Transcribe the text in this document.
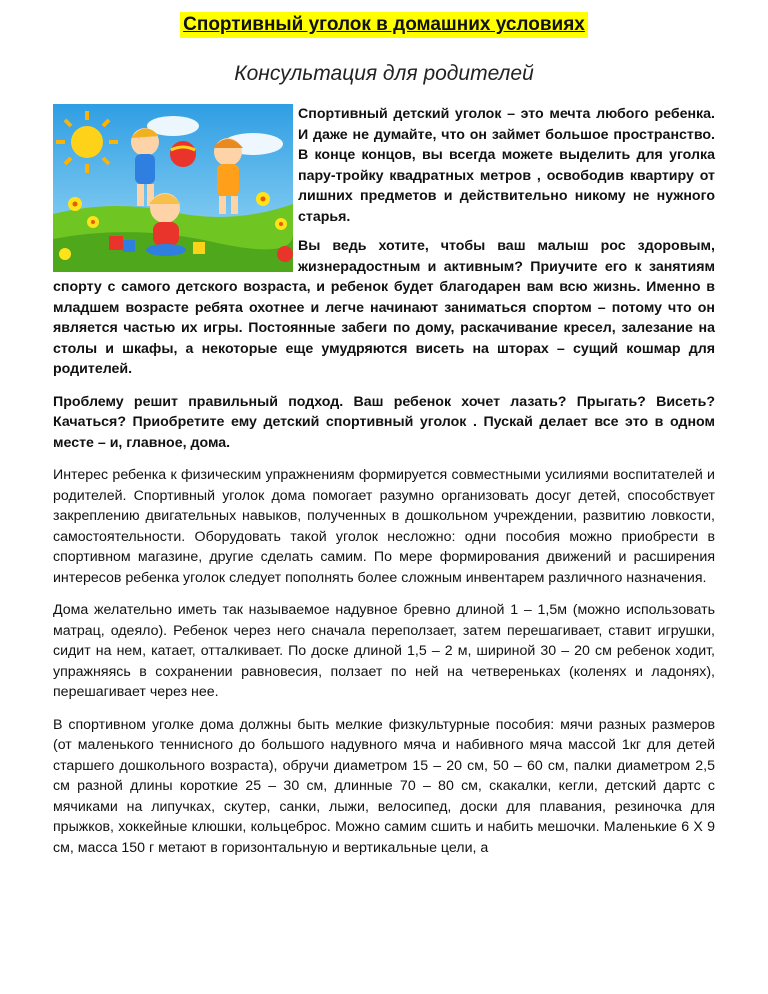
Спортивный уголок в домашних условиях
Консультация для родителей

Спортивный детский уголок – это мечта любого ребенка. И даже не думайте, что он займет большое пространство. В конце концов, вы всегда можете выделить для уголка пару-тройку квадратных метров , освободив квартиру от лишних предметов и действительно никому не нужного старья.

Вы ведь хотите, чтобы ваш малыш рос здоровым, жизнерадостным и активным? Приучите его к занятиям спорту с самого детского возраста, и ребенок будет благодарен вам всю жизнь. Именно в младшем возрасте ребята охотнее и легче начинают заниматься спортом – потому что он является частью их игры. Постоянные забеги по дому, раскачивание кресел, залезание на столы и шкафы, а некоторые еще умудряются висеть на шторах – сущий кошмар для родителей.

Проблему решит правильный подход. Ваш ребенок хочет лазать? Прыгать? Висеть? Качаться? Приобретите ему детский спортивный уголок . Пускай делает все это в одном месте – и, главное, дома.

Интерес ребенка к физическим упражнениям формируется совместными усилиями воспитателей и родителей. Спортивный уголок дома помогает разумно организовать досуг детей, способствует закреплению двигательных навыков, полученных в дошкольном учреждении, развитию ловкости, самостоятельности. Оборудовать такой уголок несложно: одни пособия можно приобрести в спортивном магазине, другие сделать самим. По мере формирования движений и расширения интересов ребенка уголок следует пополнять более сложным инвентарем различного назначения.

Дома желательно иметь так называемое надувное бревно длиной 1 – 1,5м (можно использовать матрац, одеяло). Ребенок через него сначала переползает, затем перешагивает, ставит игрушки, сидит на нем, катает, отталкивает. По доске длиной 1,5 – 2 м, шириной 30 – 20 см ребенок ходит, упражняясь в сохранении равновесия, ползает по ней на четвереньках (коленях и ладонях), перешагивает через нее.

В спортивном уголке дома должны быть мелкие физкультурные пособия: мячи разных размеров (от маленького теннисного до большого надувного мяча и набивного мяча массой 1кг для детей старшего дошкольного возраста), обручи диаметром 15 – 20 см, 50 – 60 см, палки диаметром 2,5 см разной длины короткие 25 – 30 см, длинные 70 – 80 см, скакалки, кегли, детский дартс с мячиками на липучках, скутер, санки, лыжи, велосипед, доски для плавания, резиночка для прыжков, хоккейные клюшки, кольцеброс. Можно самим сшить и набить мешочки. Маленькие 6 Х 9 см, масса 150 г метают в горизонтальную и вертикальные цели, а
